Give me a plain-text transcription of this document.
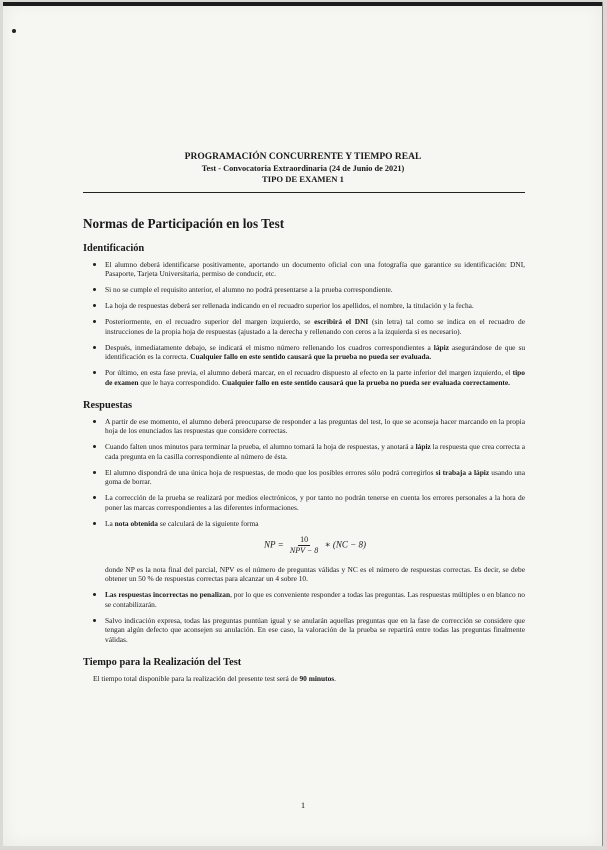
PROGRAMACIÓN CONCURRENTE Y TIEMPO REAL
Test - Convocatoria Extraordinaria (24 de Junio de 2021)
TIPO DE EXAMEN 1
Normas de Participación en los Test
Identificación
El alumno deberá identificarse positivamente, aportando un documento oficial con una fotografía que garantice su identificación: DNI, Pasaporte, Tarjeta Universitaria, permiso de conducir, etc.
Si no se cumple el requisito anterior, el alumno no podrá presentarse a la prueba correspondiente.
La hoja de respuestas deberá ser rellenada indicando en el recuadro superior los apellidos, el nombre, la titulación y la fecha.
Posteriormente, en el recuadro superior del margen izquierdo, se escribirá el DNI (sin letra) tal como se indica en el recuadro de instrucciones de la propia hoja de respuestas (ajustado a la derecha y rellenando con ceros a la izquierda si es necesario).
Después, inmediatamente debajo, se indicará el mismo número rellenando los cuadros correspondientes a lápiz asegurándose de que su identificación es la correcta. Cualquier fallo en este sentido causará que la prueba no pueda ser evaluada.
Por último, en esta fase previa, el alumno deberá marcar, en el recuadro dispuesto al efecto en la parte inferior del margen izquierdo, el tipo de examen que le haya correspondido. Cualquier fallo en este sentido causará que la prueba no pueda ser evaluada correctamente.
Respuestas
A partir de ese momento, el alumno deberá preocuparse de responder a las preguntas del test, lo que se aconseja hacer marcando en la propia hoja de los enunciados las respuestas que considere correctas.
Cuando falten unos minutos para terminar la prueba, el alumno tomará la hoja de respuestas, y anotará a lápiz la respuesta que crea correcta a cada pregunta en la casilla correspondiente al número de ésta.
El alumno dispondrá de una única hoja de respuestas, de modo que los posibles errores sólo podrá corregirlos si trabaja a lápiz usando una goma de borrar.
La corrección de la prueba se realizará por medios electrónicos, y por tanto no podrán tenerse en cuenta los errores personales a la hora de poner las marcas correspondientes a las diferentes informaciones.
La nota obtenida se calculará de la siguiente forma
NP = $\frac{10}{\text{NPV − 8}}$ ∗ (NC − 8)

donde NP es la nota final del parcial, NPV es el número de preguntas válidas y NC es el número de respuestas correctas. Es decir, se debe obtener un 50 % de respuestas correctas para alcanzar un 4 sobre 10.

Las respuestas incorrectas no penalizan, por lo que es conveniente responder a todas las preguntas. Las respuestas múltiples o en blanco no se contabilizarán.
Salvo indicación expresa, todas las preguntas puntúan igual y se anularán aquellas preguntas que en la fase de corrección se considere que tengan algún defecto que aconsejen su anulación. En ese caso, la valoración de la prueba se repartirá entre todas las preguntas finalmente válidas.
Tiempo para la Realización del Test

El tiempo total disponible para la realización del presente test será de 90 minutos.

1
